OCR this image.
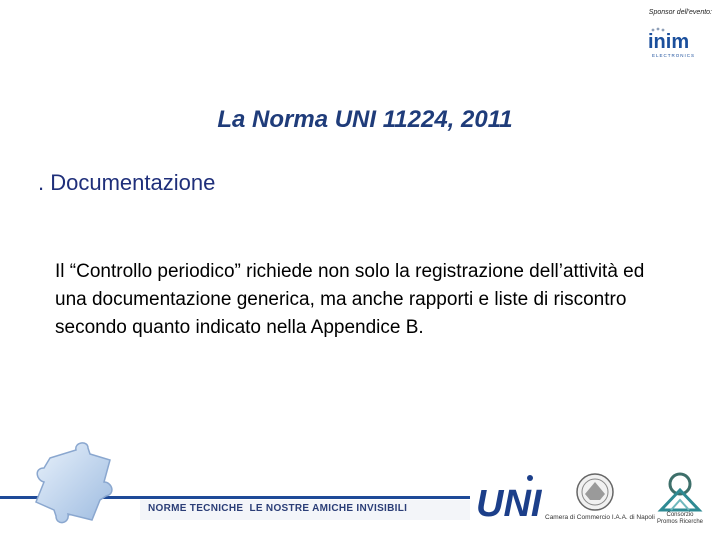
Sponsor dell'evento:
inim
ELECTRONICS
La Norma UNI 11224, 2011
. Documentazione
Il “Controllo periodico” richiede non solo la registrazione dell’attività ed una documentazione generica, ma anche rapporti e liste di riscontro secondo quanto indicato nella Appendice B.
NORME TECNICHE  LE NOSTRE AMICHE INVISIBILI UNI Camera di Commercio I.A.A. di Napoli	Consorzio
Promos Ricerche
